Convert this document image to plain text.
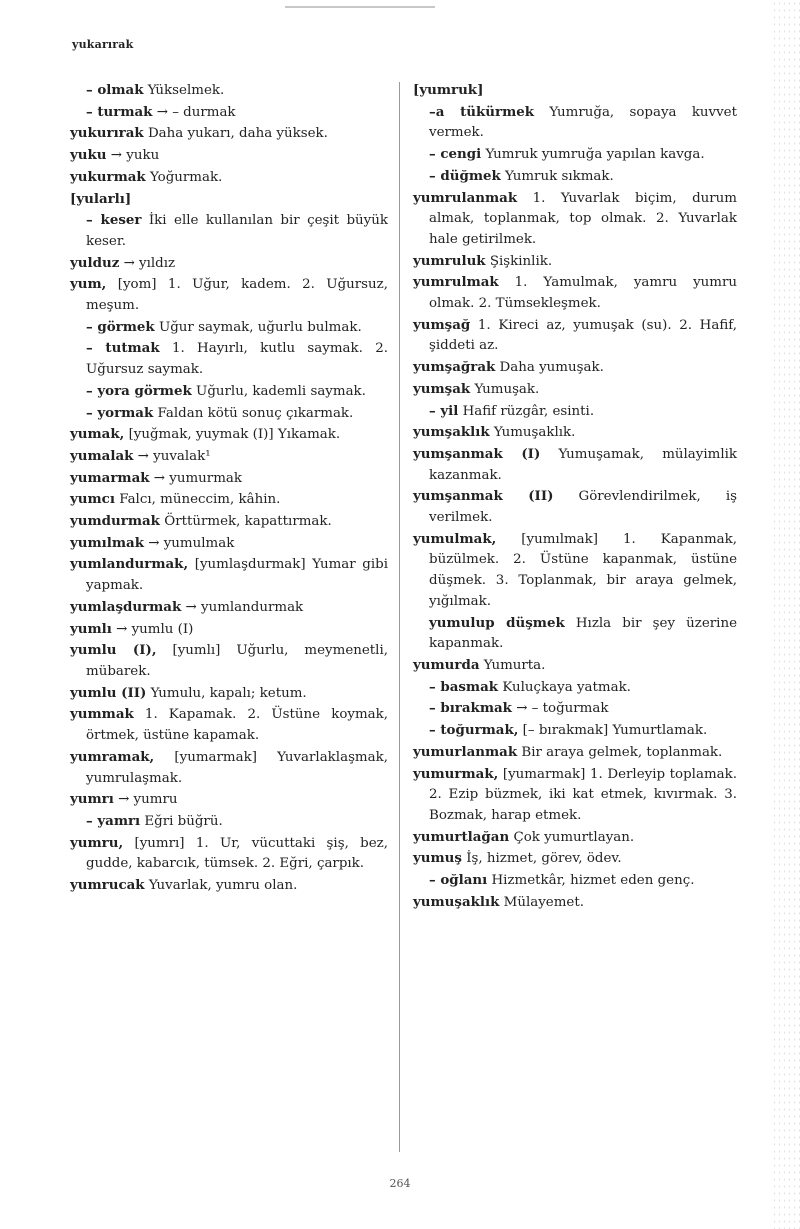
yukarırak
– olmak Yükselmek.
– turmak → – durmak
yukurırak Daha yukarı, daha yüksek.
yuku → yuku
yukurmak Yoğurmak.
[yularlı]
– keser İki elle kullanılan bir çeşit büyük keser.
yulduz → yıldız
yum, [yom] 1. Uğur, kadem. 2. Uğursuz, meşum.
– görmek Uğur saymak, uğurlu bulmak.
– tutmak 1. Hayırlı, kutlu saymak. 2. Uğursuz saymak.
– yora görmek Uğurlu, kademli saymak.
– yormak Faldan kötü sonuç çıkarmak.
yumak, [yuğmak, yuymak (I)] Yıkamak.
yumalak → yuvalak¹
yumarmak → yumurmak
yumcı Falcı, müneccim, kâhin.
yumdurmak Örttürmek, kapattırmak.
yumılmak → yumulmak
yumlandurmak, [yumlaşdurmak] Yumar gibi yapmak.
yumlaşdurmak → yumlandurmak
yumlı → yumlu (I)
yumlu (I), [yumlı] Uğurlu, meymenetli, mübarek.
yumlu (II) Yumulu, kapalı; ketum.
yummak 1. Kapamak. 2. Üstüne koymak, örtmek, üstüne kapamak.
yumramak, [yumarmak] Yuvarlaklaşmak, yumrulaşmak.
yumrı → yumru
– yamrı Eğri büğrü.
yumru, [yumrı] 1. Ur, vücuttaki şiş, bez, gudde, kabarcık, tümsek. 2. Eğri, çarpık.
yumrucak Yuvarlak, yumru olan.
[yumruk]
–a tükürmek Yumruğa, sopaya kuvvet vermek.
– cengi Yumruk yumruğa yapılan kavga.
– düğmek Yumruk sıkmak.
yumrulanmak 1. Yuvarlak biçim, durum almak, toplanmak, top olmak. 2. Yuvarlak hale getirilmek.
yumruluk Şişkinlik.
yumrulmak 1. Yamulmak, yamru yumru olmak. 2. Tümsekleşmek.
yumşağ 1. Kireci az, yumuşak (su). 2. Hafif, şiddeti az.
yumşağrak Daha yumuşak.
yumşak Yumuşak.
– yil Hafif rüzgâr, esinti.
yumşaklık Yumuşaklık.
yumşanmak (I) Yumuşamak, mülayimlik kazanmak.
yumşanmak (II) Görevlendirilmek, iş verilmek.
yumulmak, [yumılmak] 1. Kapanmak, büzülmek. 2. Üstüne kapanmak, üstüne düşmek. 3. Toplanmak, bir araya gelmek, yığılmak.
yumulup düşmek Hızla bir şey üzerine kapanmak.
yumurda Yumurta.
– basmak Kuluçkaya yatmak.
– bırakmak → – toğurmak
– toğurmak, [– bırakmak] Yumurtlamak.
yumurlanmak Bir araya gelmek, toplanmak.
yumurmak, [yumarmak] 1. Derleyip toplamak. 2. Ezip büzmek, iki kat etmek, kıvırmak. 3. Bozmak, harap etmek.
yumurtlağan Çok yumurtlayan.
yumuş İş, hizmet, görev, ödev.
– oğlanı Hizmetkâr, hizmet eden genç.
yumuşaklık Mülayemet.
264
